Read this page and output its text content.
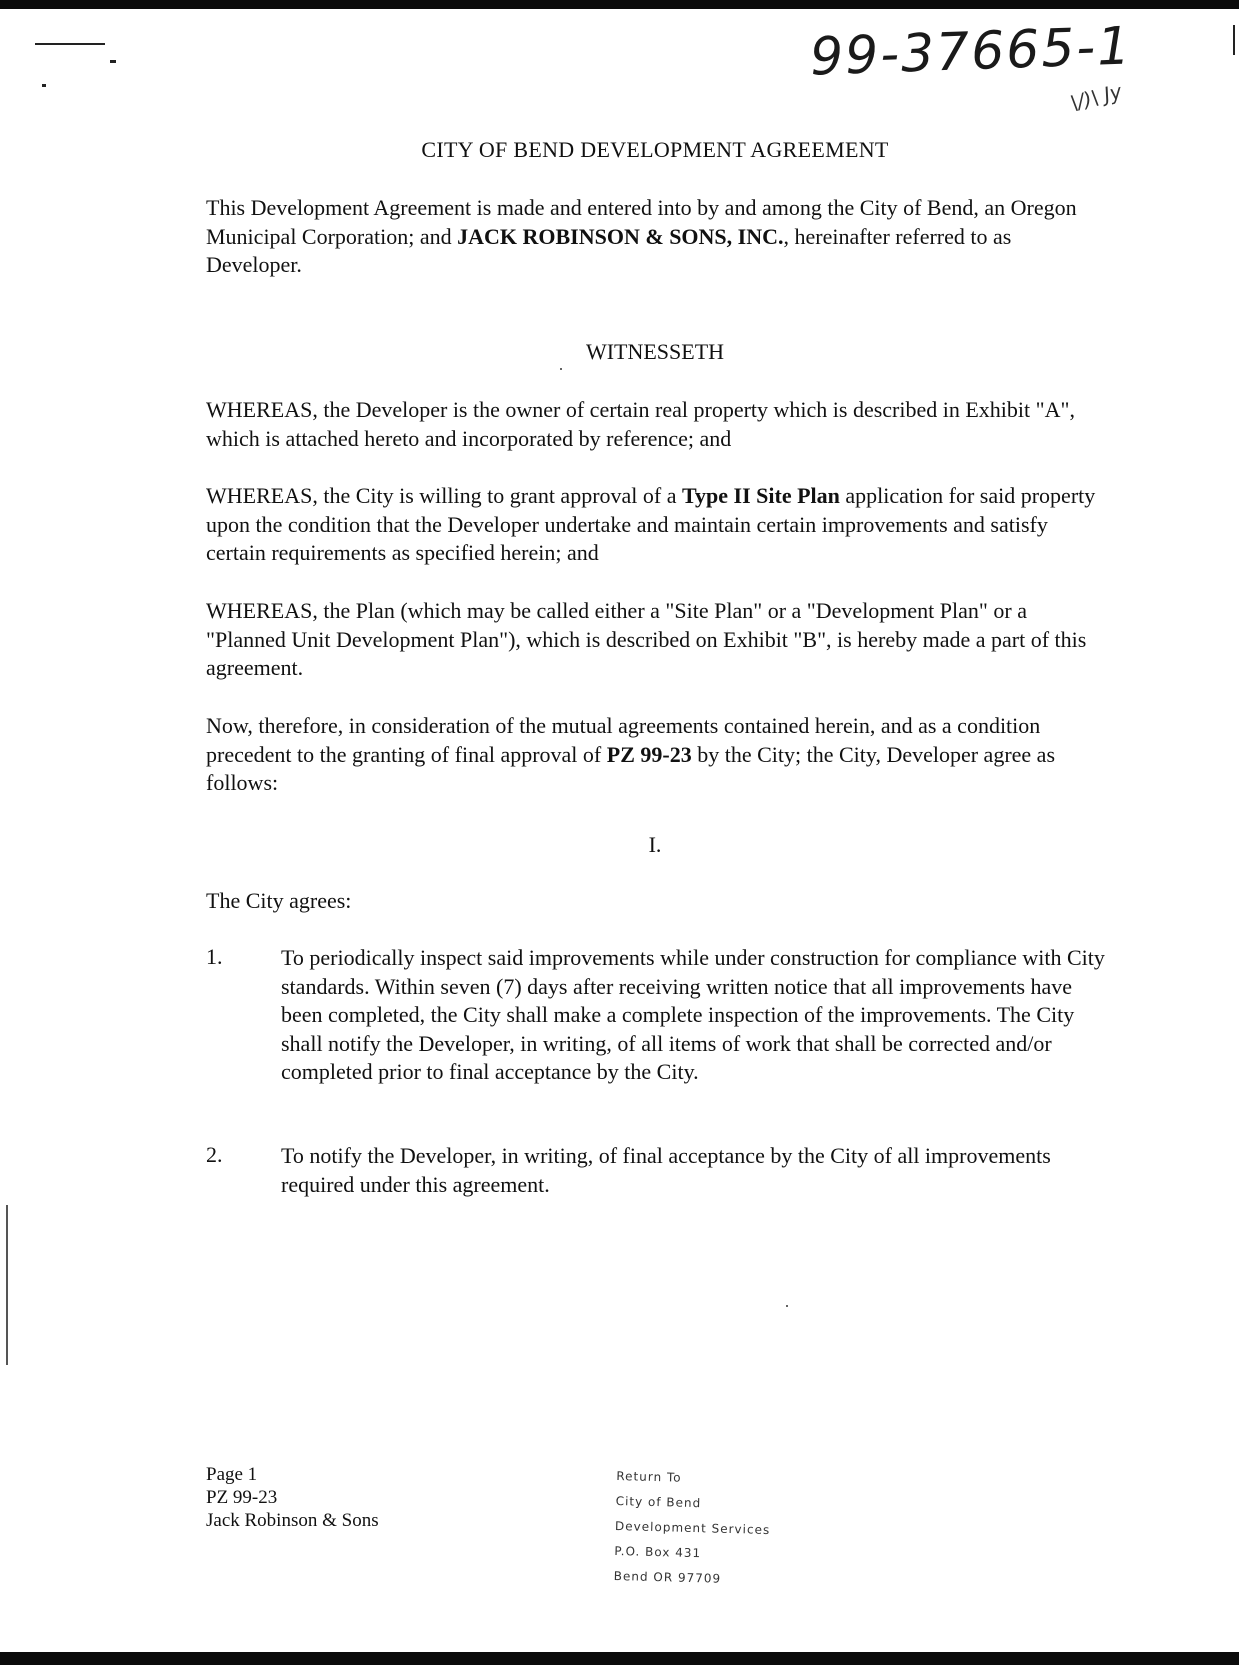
99-37665-1
\/)\ Jy
CITY OF BEND DEVELOPMENT AGREEMENT
This Development Agreement is made and entered into by and among the City of Bend, an Oregon Municipal Corporation; and JACK ROBINSON & SONS, INC., hereinafter referred to as Developer.
WITNESSETH
WHEREAS, the Developer is the owner of certain real property which is described in Exhibit "A", which is attached hereto and incorporated by reference; and
WHEREAS, the City is willing to grant approval of a Type II Site Plan application for said property upon the condition that the Developer undertake and maintain certain improvements and satisfy certain requirements as specified herein; and
WHEREAS, the Plan (which may be called either a "Site Plan" or a "Development Plan" or a "Planned Unit Development Plan"), which is described on Exhibit "B", is hereby made a part of this agreement.
Now, therefore, in consideration of the mutual agreements contained herein, and as a condition precedent to the granting of final approval of PZ 99-23 by the City; the City, Developer agree as follows:
I.
The City agrees:
1.	To periodically inspect said improvements while under construction for compliance with City standards. Within seven (7) days after receiving written notice that all improvements have been completed, the City shall make a complete inspection of the improvements. The City shall notify the Developer, in writing, of all items of work that shall be corrected and/or completed prior to final acceptance by the City.
2.	To notify the Developer, in writing, of final acceptance by the City of all improvements required under this agreement.
Page 1
PZ 99-23
Jack Robinson & Sons
Return To
City of Bend
Development Services
P.O. Box 431
Bend OR 97709
